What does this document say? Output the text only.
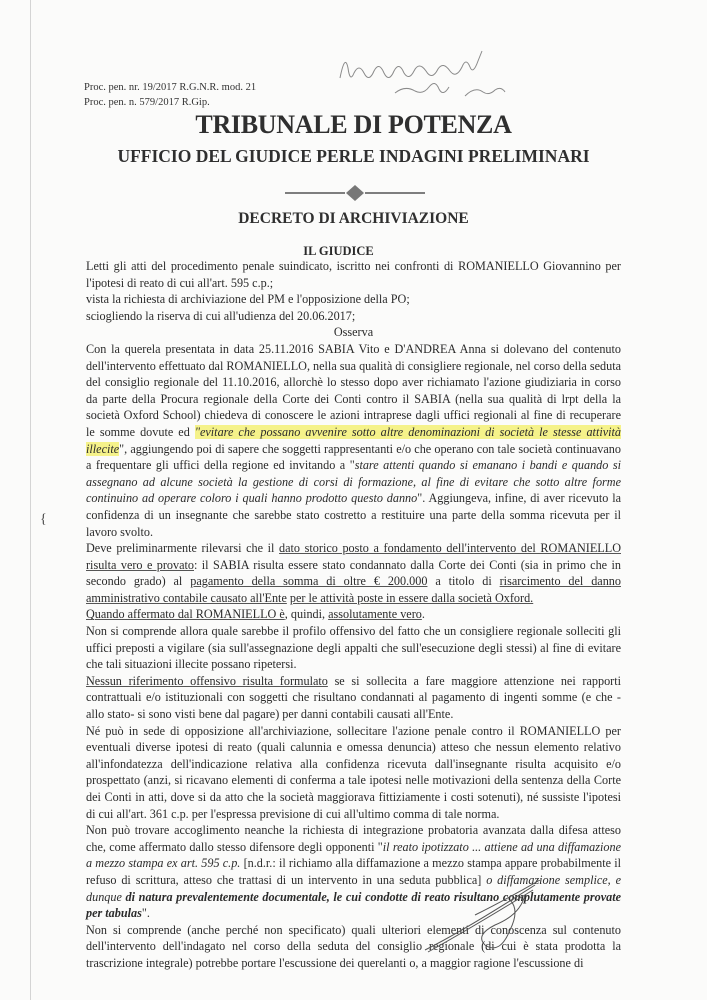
Proc. pen. nr. 19/2017 R.G.N.R. mod. 21
Proc. pen. n. 579/2017 R.Gip.
TRIBUNALE DI POTENZA
UFFICIO DEL GIUDICE PERLE INDAGINI PRELIMINARI
DECRETO DI ARCHIVIAZIONE
IL GIUDICE

Letti gli atti del procedimento penale suindicato, iscritto nei confronti di ROMANIELLO Giovannino per l'ipotesi di reato di cui all'art. 595 c.p.;

vista la richiesta di archiviazione del PM e l'opposizione della PO;

sciogliendo la riserva di cui all'udienza del 20.06.2017;

Osserva

Con la querela presentata in data 25.11.2016 SABIA Vito e D'ANDREA Anna si dolevano del contenuto dell'intervento effettuato dal ROMANIELLO, nella sua qualità di consigliere regionale, nel corso della seduta del consiglio regionale del 11.10.2016, allorchè lo stesso dopo aver richiamato l'azione giudiziaria in corso da parte della Procura regionale della Corte dei Conti contro il SABIA (nella sua qualità di lrpt della la società Oxford School) chiedeva di conoscere le azioni intraprese dagli uffici regionali al fine di recuperare le somme dovute ed "evitare che possano avvenire sotto altre denominazioni di società le stesse attività illecite", aggiungendo poi di sapere che soggetti rappresentanti e/o che operano con tale società continuavano a frequentare gli uffici della regione ed invitando a "stare attenti quando si emanano i bandi e quando si assegnano ad alcune società la gestione di corsi di formazione, al fine di evitare che sotto altre forme continuino ad operare coloro i quali hanno prodotto questo danno". Aggiungeva, infine, di aver ricevuto la confidenza di un insegnante che sarebbe stato costretto a restituire una parte della somma ricevuta per il lavoro svolto.

Deve preliminarmente rilevarsi che il dato storico posto a fondamento dell'intervento del ROMANIELLO risulta vero e provato: il SABIA risulta essere stato condannato dalla Corte dei Conti (sia in primo che in secondo grado) al pagamento della somma di oltre € 200.000 a titolo di risarcimento del danno amministrativo contabile causato all'Ente per le attività poste in essere dalla società Oxford.

Quando affermato dal ROMANIELLO è, quindi, assolutamente vero.

Non si comprende allora quale sarebbe il profilo offensivo del fatto che un consigliere regionale solleciti gli uffici preposti a vigilare (sia sull'assegnazione degli appalti che sull'esecuzione degli stessi) al fine di evitare che tali situazioni illecite possano ripetersi.

Nessun riferimento offensivo risulta formulato se si sollecita a fare maggiore attenzione nei rapporti contrattuali e/o istituzionali con soggetti che risultano condannati al pagamento di ingenti somme (e che - allo stato- si sono visti bene dal pagare) per danni contabili causati all'Ente.

Né può in sede di opposizione all'archiviazione, sollecitare l'azione penale contro il ROMANIELLO per eventuali diverse ipotesi di reato (quali calunnia e omessa denuncia) atteso che nessun elemento relativo all'infondatezza dell'indicazione relativa alla confidenza ricevuta dall'insegnante risulta acquisito e/o prospettato (anzi, si ricavano elementi di conferma a tale ipotesi nelle motivazioni della sentenza della Corte dei Conti in atti, dove si da atto che la società maggiorava fittiziamente i costi sotenuti), né sussiste l'ipotesi di cui all'art. 361 c.p. per l'espressa previsione di cui all'ultimo comma di tale norma.

Non può trovare accoglimento neanche la richiesta di integrazione probatoria avanzata dalla difesa atteso che, come affermato dallo stesso difensore degli opponenti "il reato ipotizzato ... attiene ad una diffamazione a mezzo stampa ex art. 595 c.p. [n.d.r.: il richiamo alla diffamazione a mezzo stampa appare probabilmente il refuso di scrittura, atteso che trattasi di un intervento in una seduta pubblica] o diffamazione semplice, e dunque di natura prevalentemente documentale, le cui condotte di reato risultano complutamente provate per tabulas".

Non si comprende (anche perché non specificato) quali ulteriori elementi di conoscenza sul contenuto dell'intervento dell'indagato nel corso della seduta del consiglio regionale (di cui è stata prodotta la trascrizione integrale) potrebbe portare l'escussione dei querelanti o, a maggior ragione l'escussione di

{
